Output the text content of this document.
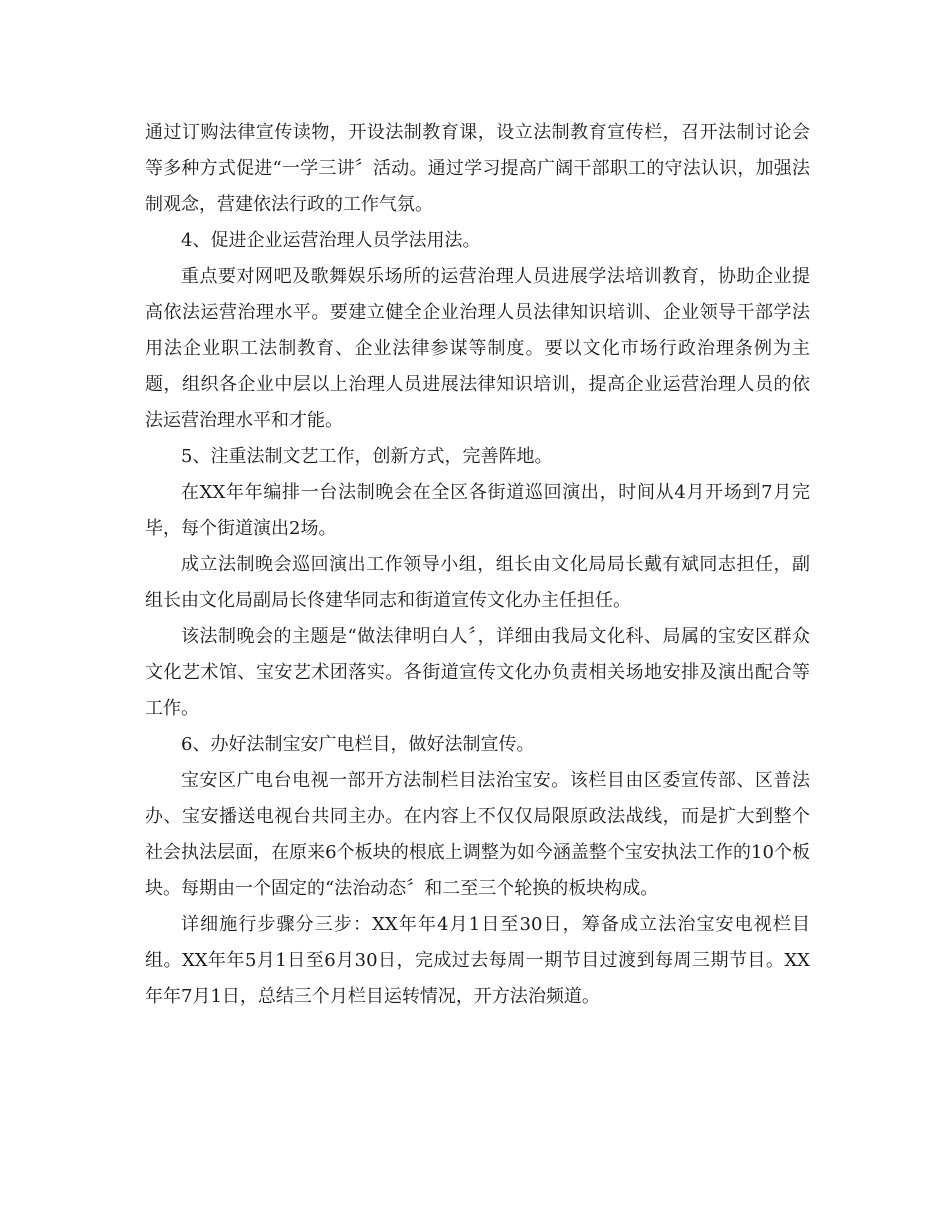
通过订购法律宣传读物，开设法制教育课，设立法制教育宣传栏，召开法制讨论会等多种方式促进“一学三讲〞活动。通过学习提高广阔干部职工的守法认识，加强法制观念，营建依法行政的工作气氛。

4、促进企业运营治理人员学法用法。

重点要对网吧及歌舞娱乐场所的运营治理人员进展学法培训教育，协助企业提高依法运营治理水平。要建立健全企业治理人员法律知识培训、企业领导干部学法用法企业职工法制教育、企业法律参谋等制度。要以文化市场行政治理条例为主题，组织各企业中层以上治理人员进展法律知识培训，提高企业运营治理人员的依法运营治理水平和才能。

5、注重法制文艺工作，创新方式，完善阵地。

在XX年年编排一台法制晚会在全区各街道巡回演出，时间从4月开场到7月完毕，每个街道演出2场。

成立法制晚会巡回演出工作领导小组，组长由文化局局长戴有斌同志担任，副组长由文化局副局长佟建华同志和街道宣传文化办主任担任。

该法制晚会的主题是“做法律明白人〞，详细由我局文化科、局属的宝安区群众文化艺术馆、宝安艺术团落实。各街道宣传文化办负责相关场地安排及演出配合等工作。

6、办好法制宝安广电栏目，做好法制宣传。

宝安区广电台电视一部开方法制栏目法治宝安。该栏目由区委宣传部、区普法办、宝安播送电视台共同主办。在内容上不仅仅局限原政法战线，而是扩大到整个社会执法层面，在原来6个板块的根底上调整为如今涵盖整个宝安执法工作的10个板块。每期由一个固定的“法治动态〞和二至三个轮换的板块构成。

详细施行步骤分三步：XX年年4月1日至30日，筹备成立法治宝安电视栏目组。XX年年5月1日至6月30日，完成过去每周一期节目过渡到每周三期节目。XX年年7月1日，总结三个月栏目运转情况，开方法治频道。
